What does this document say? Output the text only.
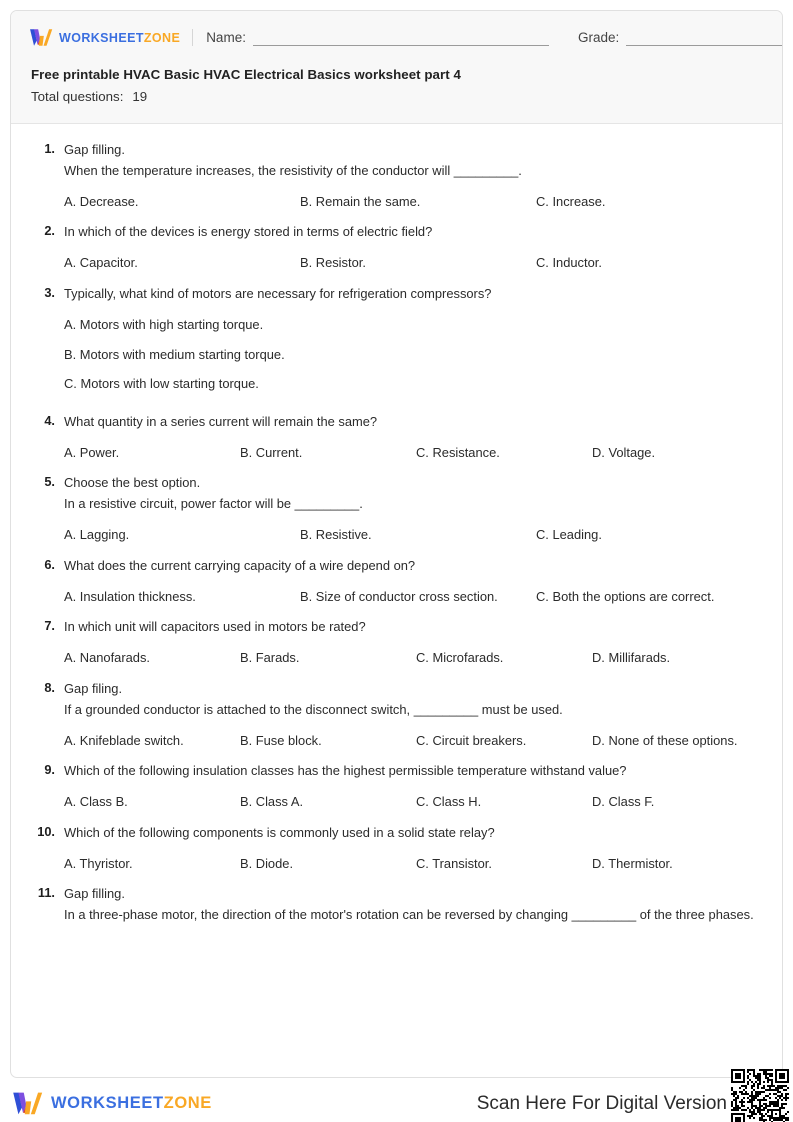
WORKSHEETZONE Name:	Grade:
Free printable HVAC Basic HVAC Electrical Basics worksheet part 4
Total questions: 19
1. Gap filling.
When the temperature increases, the resistivity of the conductor will _________.
A. Decrease.	B. Remain the same.	C. Increase.
2. In which of the devices is energy stored in terms of electric field?
A. Capacitor.	B. Resistor.	C. Inductor.
3. Typically, what kind of motors are necessary for refrigeration compressors?
A. Motors with high starting torque.
B. Motors with medium starting torque.
C. Motors with low starting torque.
4. What quantity in a series current will remain the same?
A. Power.	B. Current.	C. Resistance.	D. Voltage.
5. Choose the best option.
In a resistive circuit, power factor will be _________.
A. Lagging.	B. Resistive.	C. Leading.
6. What does the current carrying capacity of a wire depend on?
A. Insulation thickness.	B. Size of conductor cross section.	C. Both the options are correct.
7. In which unit will capacitors used in motors be rated?
A. Nanofarads.	B. Farads.	C. Microfarads.	D. Millifarads.
8. Gap filing.
If a grounded conductor is attached to the disconnect switch, _________ must be used.
A. Knifeblade switch.	B. Fuse block.	C. Circuit breakers.	D. None of these options.
9. Which of the following insulation classes has the highest permissible temperature withstand value?
A. Class B.	B. Class A.	C. Class H.	D. Class F.
10. Which of the following components is commonly used in a solid state relay?
A. Thyristor.	B. Diode.	C. Transistor.	D. Thermistor.
11. Gap filling.
In a three-phase motor, the direction of the motor's rotation can be reversed by changing _________ of the three phases.
WORKSHEETZONE	Scan Here For Digital Version
